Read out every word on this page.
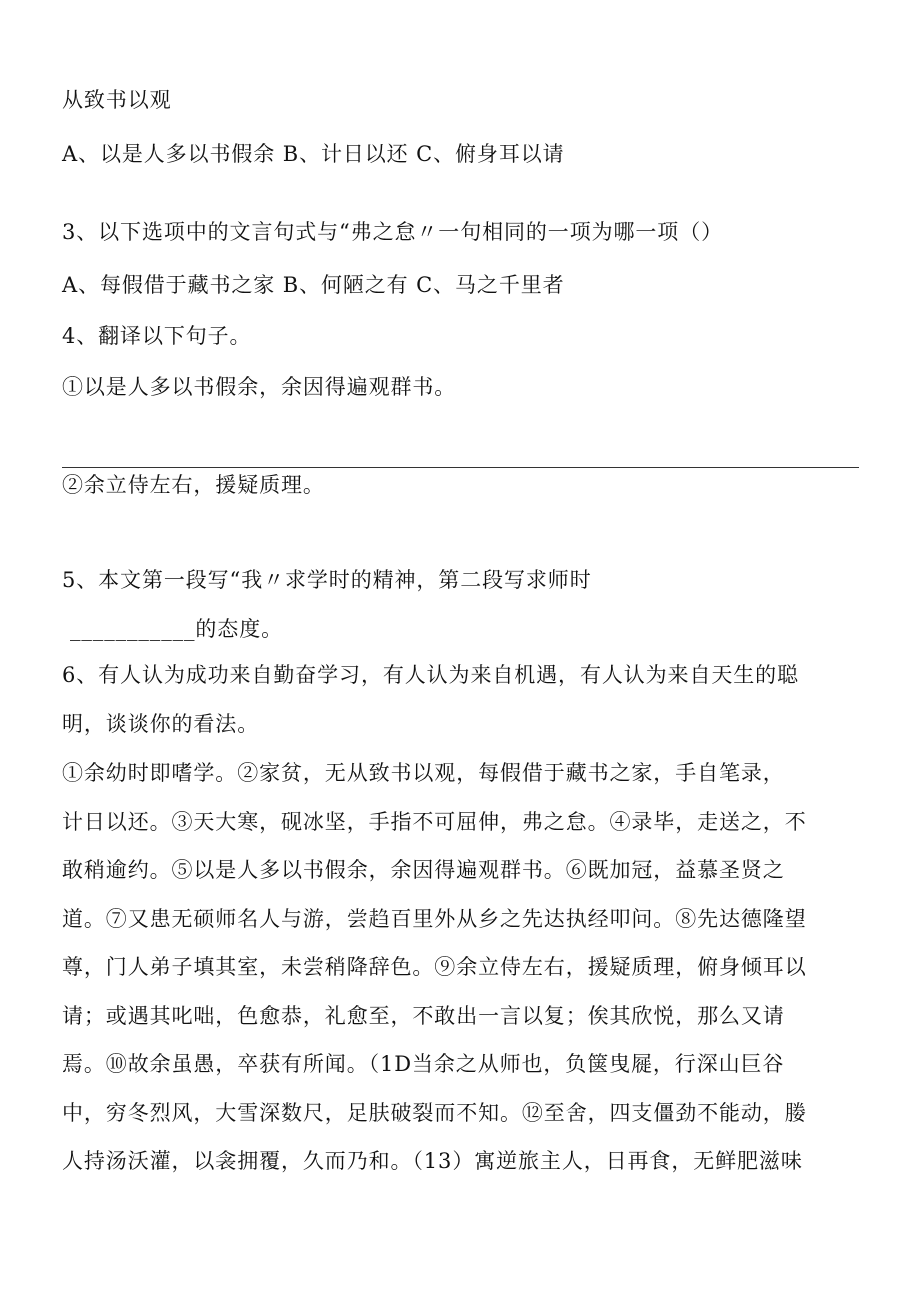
从致书以观
A、以是人多以书假余 B、计日以还 C、俯身耳以请
3、以下选项中的文言句式与“弗之怠〃一句相同的一项为哪一项（）
A、每假借于藏书之家 B、何陋之有 C、马之千里者
4、翻译以下句子。
①以是人多以书假余，余因得遍观群书。
②余立侍左右，援疑质理。
5、本文第一段写“我〃求学时的精神，第二段写求师时
___________的态度。
6、有人认为成功来自勤奋学习，有人认为来自机遇，有人认为来自天生的聪
明，谈谈你的看法。
①余幼时即嗜学。②家贫，无从致书以观，每假借于藏书之家，手自笔录，
计日以还。③天大寒，砚冰坚，手指不可屈伸，弗之怠。④录毕，走送之，不
敢稍逾约。⑤以是人多以书假余，余因得遍观群书。⑥既加冠，益慕圣贤之
道。⑦又患无硕师名人与游，尝趋百里外从乡之先达执经叩问。⑧先达德隆望
尊，门人弟子填其室，未尝稍降辞色。⑨余立侍左右，援疑质理，俯身倾耳以
请；或遇其叱咄，色愈恭，礼愈至，不敢出一言以复；俟其欣悦，那么又请
焉。⑩故余虽愚，卒获有所闻。（1D当余之从师也，负箧曳屣，行深山巨谷
中，穷冬烈风，大雪深数尺，足肤破裂而不知。⑫至舍，四支僵劲不能动，媵
人持汤沃灌，以衾拥覆，久而乃和。（13）寓逆旅主人，日再食，无鲜肥滋味
